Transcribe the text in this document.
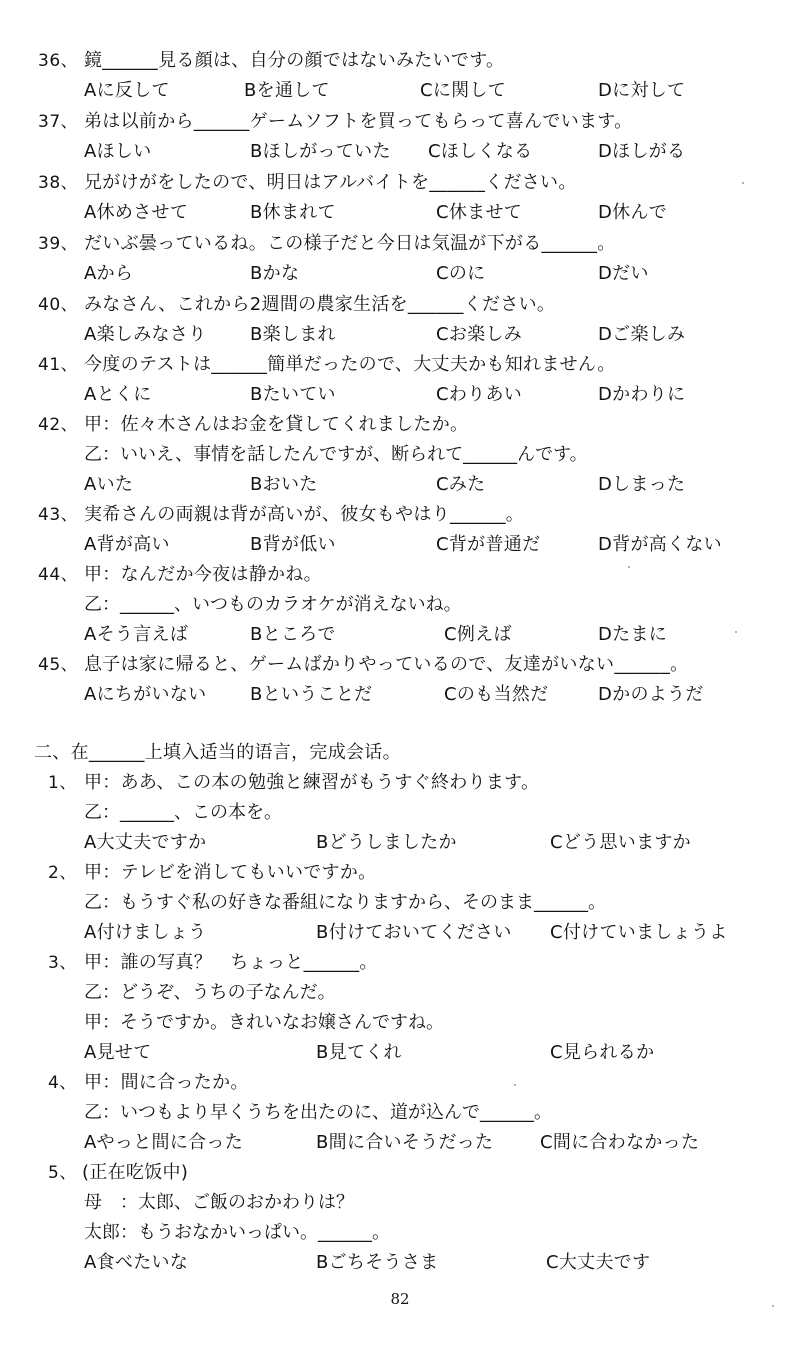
36、 鏡______見る顔は、自分の顔ではないみたいです。
Aに反して	Bを通して	Cに関して	Dに対して
37、 弟は以前から______ゲームソフトを買ってもらって喜んでいます。
Aほしい	Bほしがっていた Cほしくなる	Dほしがる
38、 兄がけがをしたので、明日はアルバイトを______ください。
A休めさせて	B休まれて	C休ませて	D休んで
39、 だいぶ曇っているね。この様子だと今日は気温が下がる______。
Aから	Bかな	Cのに	Dだい
40、 みなさん、これから2週間の農家生活を______ください。
A楽しみなさり B楽しまれ	Cお楽しみ	Dご楽しみ
41、 今度のテストは______簡単だったので、大丈夫かも知れません。
Aとくに	Bたいてい	Cわりあい	Dかわりに
42、 甲：佐々木さんはお金を貸してくれましたか。
乙：いいえ、事情を話したんですが、断られて______んです。
Aいた	Bおいた	Cみた	Dしまった
43、 実希さんの両親は背が高いが、彼女もやはり______。
A背が高い	B背が低い	C背が普通だ	D背が高くない
44、 甲：なんだか今夜は静かね。
乙：______、いつものカラオケが消えないね。
Aそう言えば	Bところで	C例えば	Dたまに
45、 息子は家に帰ると、ゲームばかりやっているので、友達がいない______。
Aにちがいない Bということだ	Cのも当然だ	Dかのようだ
二、在______上填入适当的语言，完成会话。
1、 甲：ああ、この本の勉強と練習がもうすぐ終わります。
乙：______、この本を。
A大丈夫ですか	Bどうしましたか	Cどう思いますか
2、 甲：テレビを消してもいいですか。
乙：もうすぐ私の好きな番組になりますから、そのまま______。
A付けましょう	B付けておいてください C付けていましょうよ
3、 甲：誰の写真？　ちょっと______。
乙：どうぞ、うちの子なんだ。
甲：そうですか。きれいなお嬢さんですね。
A見せて	B見てくれ	C見られるか
4、 甲：間に合ったか。
乙：いつもより早くうちを出たのに、道が込んで______。
Aやっと間に合った	B間に合いそうだった	C間に合わなかった
5、 (正在吃饭中)
母　：太郎、ご飯のおかわりは？
太郎：もうおなかいっぱい。______。
A食べたいな	Bごちそうさま	C大丈夫です
82
